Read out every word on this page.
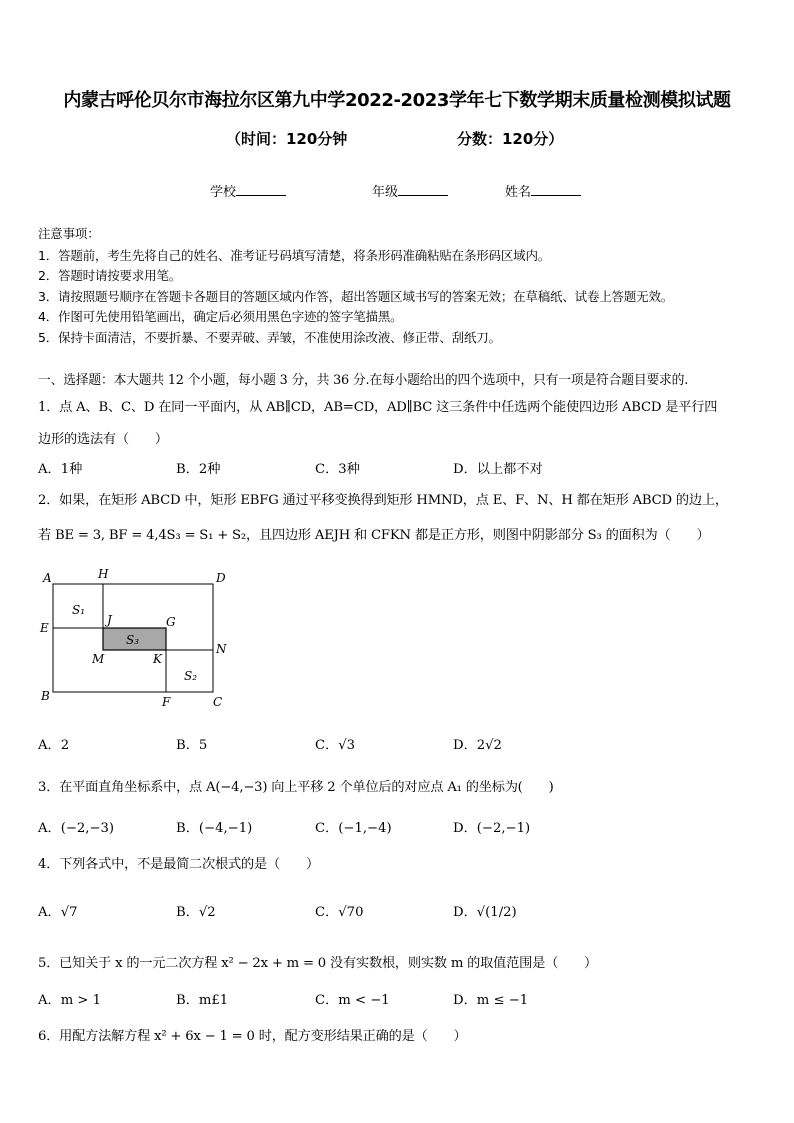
内蒙古呼伦贝尔市海拉尔区第九中学2022-2023学年七下数学期末质量检测模拟试题
（时间：120分钟	分数：120分）
学校	年级	姓名
注意事项：
1．答题前，考生先将自己的姓名、准考证号码填写清楚，将条形码准确粘贴在条形码区域内。
2．答题时请按要求用笔。
3．请按照题号顺序在答题卡各题目的答题区域内作答，超出答题区域书写的答案无效；在草稿纸、试卷上答题无效。
4．作图可先使用铅笔画出，确定后必须用黑色字迹的签字笔描黑。
5．保持卡面清洁，不要折暴、不要弄破、弄皱，不准使用涂改液、修正带、刮纸刀。
一、选择题：本大题共 12 个小题，每小题 3 分，共 36 分.在每小题给出的四个选项中，只有一项是符合题目要求的.
1．点 A、B、C、D 在同一平面内，从 AB∥CD，AB=CD，AD∥BC 这三条件中任选两个能使四边形 ABCD 是平行四
边形的选法有（　　）
A．1种	B．2种	C．3种	D．以上都不对
2．如果，在矩形 ABCD 中，矩形 EBFG 通过平移变换得到矩形 HMND，点 E、F、N、H 都在矩形 ABCD 的边上，
若 BE = 3, BF = 4,4S₃ = S₁ + S₂，且四边形 AEJH 和 CFKN 都是正方形，则图中阴影部分 S₃ 的面积为（　　）
A	H	D
S₁
J	G
E
S₃
N
M	K
S₂
B	F	C
A．2	B．5	C．√3	D．2√2
3．在平面直角坐标系中，点 A(−4,−3) 向上平移 2 个单位后的对应点 A₁ 的坐标为(　　)
A．(−2,−3)	B．(−4,−1)	C．(−1,−4)	D．(−2,−1)
4．下列各式中，不是最简二次根式的是（　　）
A．√7	B．√2	C．√70	D．√(1/2)
5．已知关于 x 的一元二次方程 x² − 2x + m = 0 没有实数根，则实数 m 的取值范围是（　　）
A．m > 1	B．m£1	C．m < −1	D．m ≤ −1
6．用配方法解方程 x² + 6x − 1 = 0 时，配方变形结果正确的是（　　）
